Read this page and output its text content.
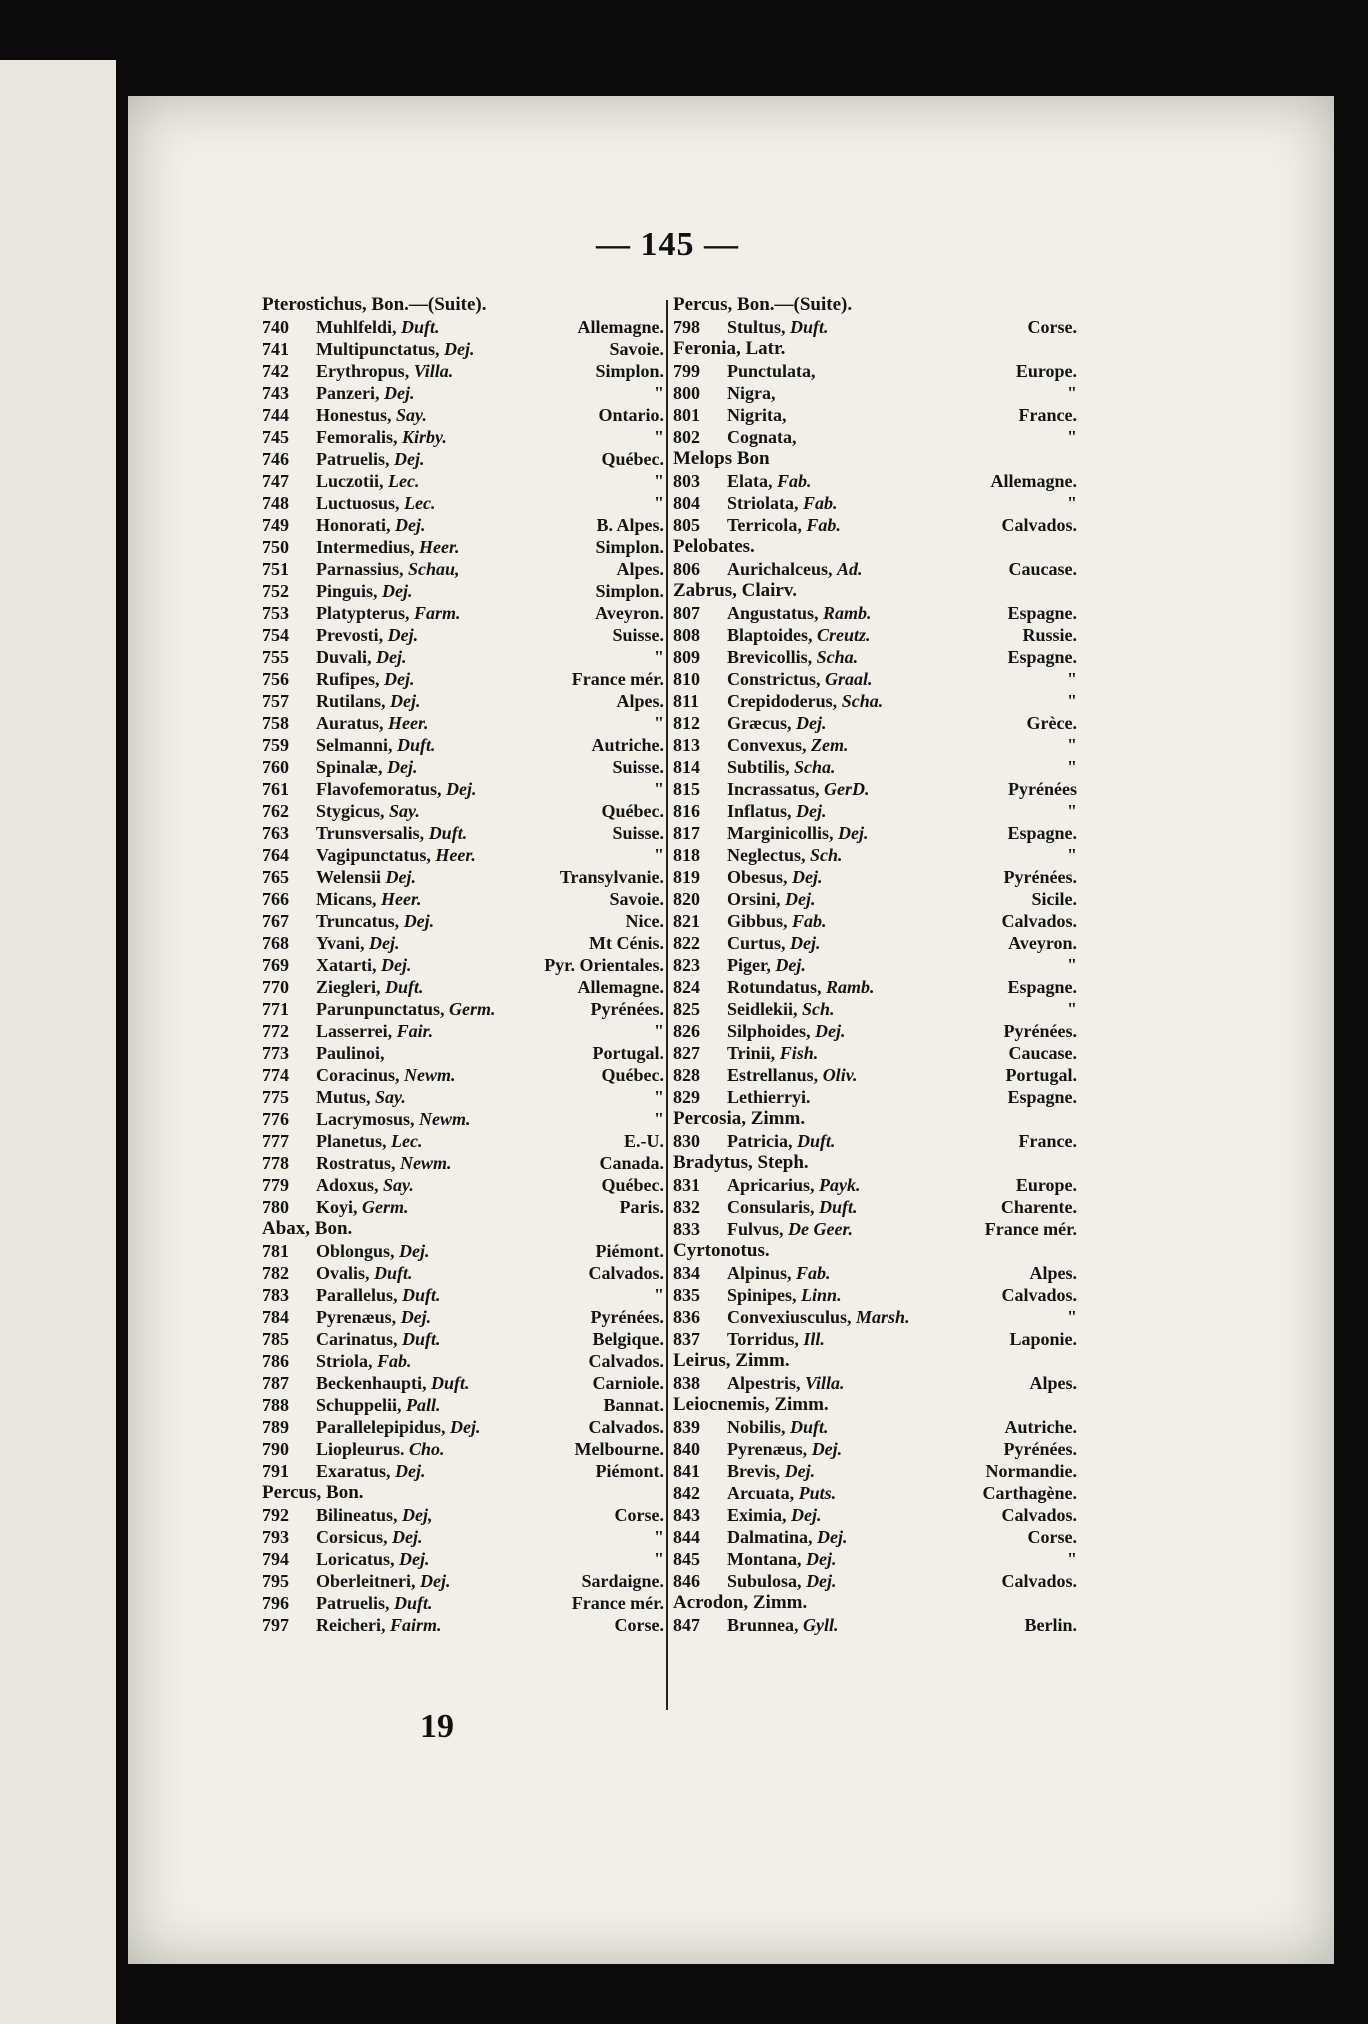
— 145 —
Pterostichus, Bon.—(Suite).
740	Muhlfeldi, Duft.	Allemagne.
741	Multipunctatus, Dej.	Savoie.
742	Erythropus, Villa.	Simplon.
743	Panzeri, Dej.	"
744	Honestus, Say.	Ontario.
745	Femoralis, Kirby.	"
746	Patruelis, Dej.	Québec.
747	Luczotii, Lec.	"
748	Luctuosus, Lec.	"
749	Honorati, Dej.	B. Alpes.
750	Intermedius, Heer.	Simplon.
751	Parnassius, Schau,	Alpes.
752	Pinguis, Dej.	Simplon.
753	Platypterus, Farm.	Aveyron.
754	Prevosti, Dej.	Suisse.
755	Duvali, Dej.	"
756	Rufipes, Dej.	France mér.
757	Rutilans, Dej.	Alpes.
758	Auratus, Heer.	"
759	Selmanni, Duft.	Autriche.
760	Spinalæ, Dej.	Suisse.
761	Flavofemoratus, Dej.	"
762	Stygicus, Say.	Québec.
763	Trunsversalis, Duft.	Suisse.
764	Vagipunctatus, Heer.	"
765	Welensii Dej.	Transylvanie.
766	Micans, Heer.	Savoie.
767	Truncatus, Dej.	Nice.
768	Yvani, Dej.	Mt Cénis.
769	Xatarti, Dej.	Pyr. Orientales.
770	Ziegleri, Duft.	Allemagne.
771	Parunpunctatus, Germ.	Pyrénées.
772	Lasserrei, Fair.	"
773	Paulinoi,	Portugal.
774	Coracinus, Newm.	Québec.
775	Mutus, Say.	"
776	Lacrymosus, Newm.	"
777	Planetus, Lec.	E.-U.
778	Rostratus, Newm.	Canada.
779	Adoxus, Say.	Québec.
780	Koyi, Germ.	Paris.
Abax, Bon.
781	Oblongus, Dej.	Piémont.
782	Ovalis, Duft.	Calvados.
783	Parallelus, Duft.	"
784	Pyrenæus, Dej.	Pyrénées.
785	Carinatus, Duft.	Belgique.
786	Striola, Fab.	Calvados.
787	Beckenhaupti, Duft.	Carniole.
788	Schuppelii, Pall.	Bannat.
789	Parallelepipidus, Dej.	Calvados.
790	Liopleurus. Cho.	Melbourne.
791	Exaratus, Dej.	Piémont.
Percus, Bon.
792	Bilineatus, Dej,	Corse.
793	Corsicus, Dej.	"
794	Loricatus, Dej.	"
795	Oberleitneri, Dej.	Sardaigne.
796	Patruelis, Duft.	France mér.
797	Reicheri, Fairm.	Corse.
Percus, Bon.—(Suite).
798	Stultus, Duft.	Corse.
Feronia, Latr.
799	Punctulata,	Europe.
800	Nigra,	"
801	Nigrita,	France.
802	Cognata,	"
Melops Bon
803	Elata, Fab.	Allemagne.
804	Striolata, Fab.	"
805	Terricola, Fab.	Calvados.
Pelobates.
806	Aurichalceus, Ad.	Caucase.
Zabrus, Clairv.
807	Angustatus, Ramb.	Espagne.
808	Blaptoides, Creutz.	Russie.
809	Brevicollis, Scha.	Espagne.
810	Constrictus, Graal.	"
811	Crepidoderus, Scha.	"
812	Græcus, Dej.	Grèce.
813	Convexus, Zem.	"
814	Subtilis, Scha.	"
815	Incrassatus, GerD.	Pyrénées
816	Inflatus, Dej.	"
817	Marginicollis, Dej.	Espagne.
818	Neglectus, Sch.	"
819	Obesus, Dej.	Pyrénées.
820	Orsini, Dej.	Sicile.
821	Gibbus, Fab.	Calvados.
822	Curtus, Dej.	Aveyron.
823	Piger, Dej.	"
824	Rotundatus, Ramb.	Espagne.
825	Seidlekii, Sch.	"
826	Silphoides, Dej.	Pyrénées.
827	Trinii, Fish.	Caucase.
828	Estrellanus, Oliv.	Portugal.
829	Lethierryi.	Espagne.
Percosia, Zimm.
830	Patricia, Duft.	France.
Bradytus, Steph.
831	Apricarius, Payk.	Europe.
832	Consularis, Duft.	Charente.
833	Fulvus, De Geer.	France mér.
Cyrtonotus.
834	Alpinus, Fab.	Alpes.
835	Spinipes, Linn.	Calvados.
836	Convexiusculus, Marsh.	"
837	Torridus, Ill.	Laponie.
Leirus, Zimm.
838	Alpestris, Villa.	Alpes.
Leiocnemis, Zimm.
839	Nobilis, Duft.	Autriche.
840	Pyrenæus, Dej.	Pyrénées.
841	Brevis, Dej.	Normandie.
842	Arcuata, Puts.	Carthagène.
843	Eximia, Dej.	Calvados.
844	Dalmatina, Dej.	Corse.
845	Montana, Dej.	"
846	Subulosa, Dej.	Calvados.
Acrodon, Zimm.
847	Brunnea, Gyll.	Berlin.
19
